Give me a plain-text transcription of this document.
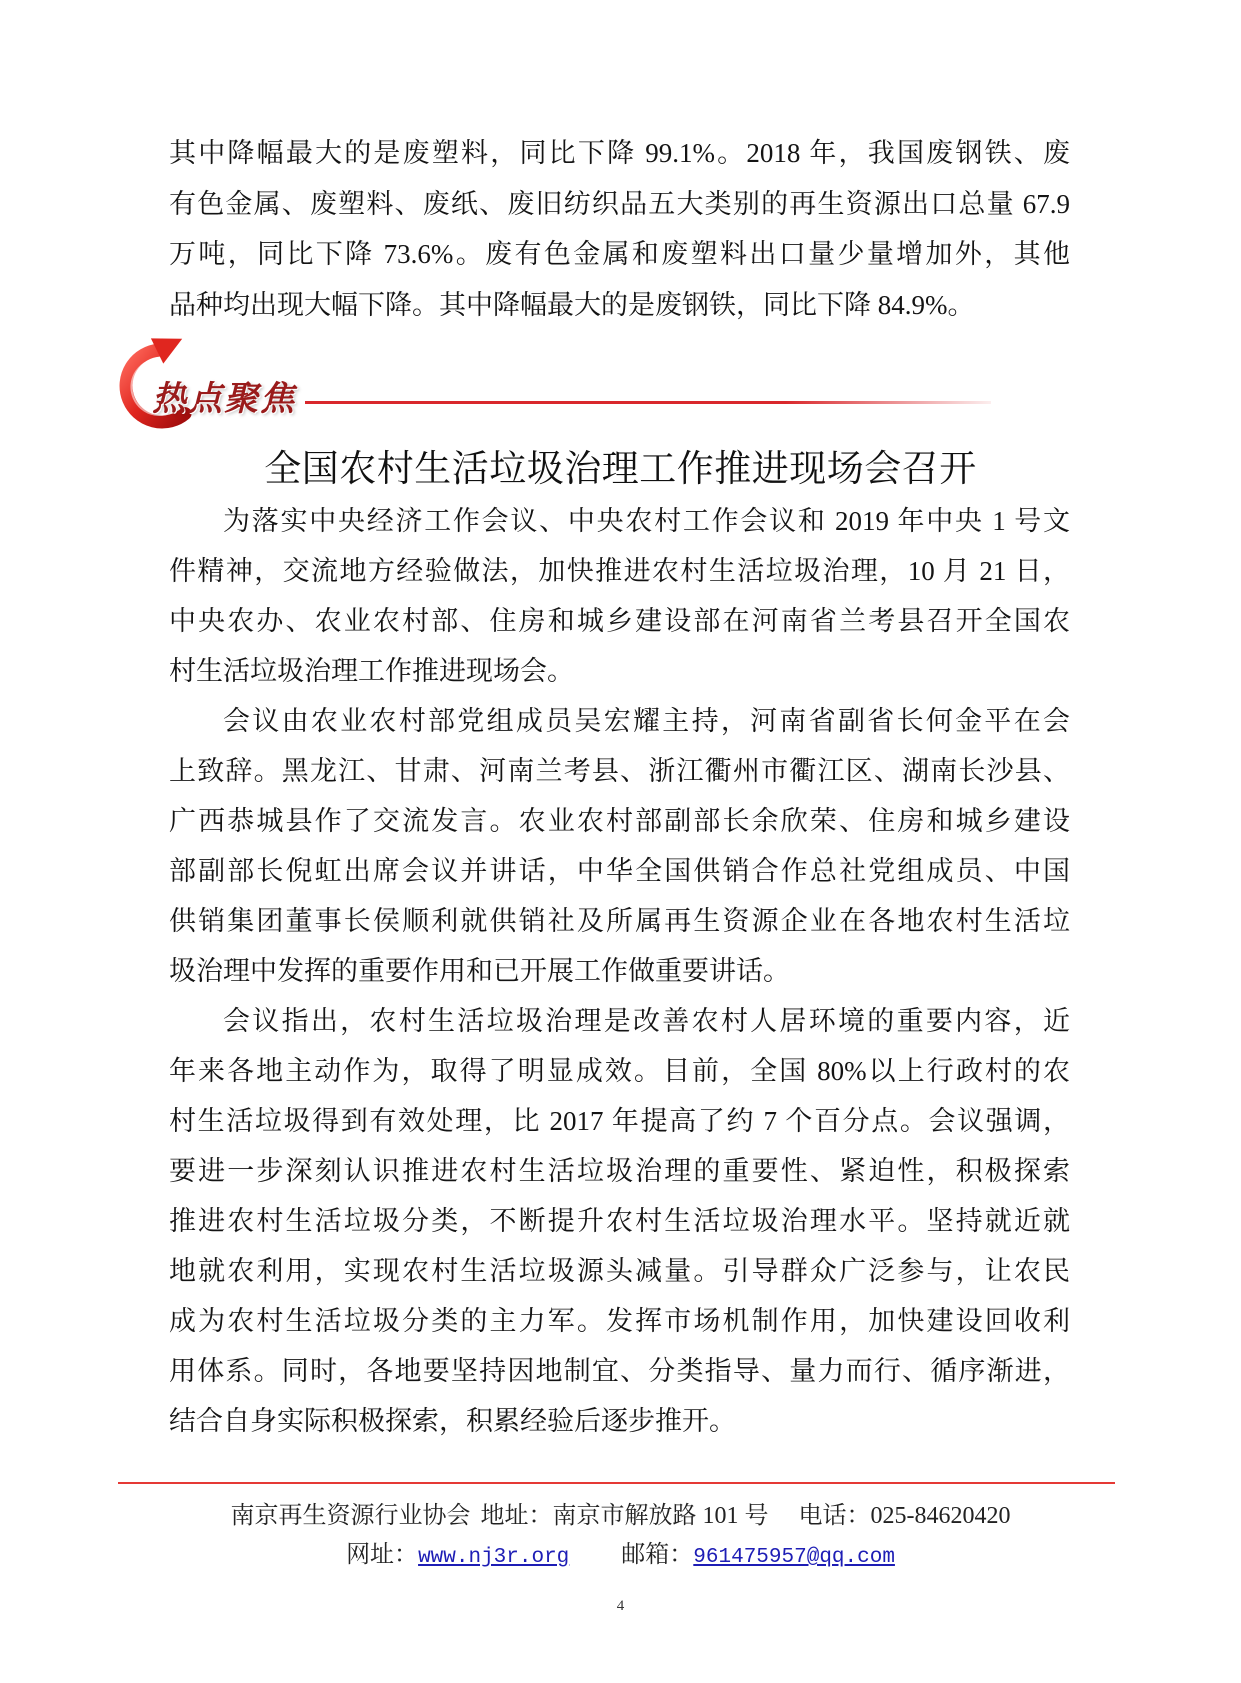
其中降幅最大的是废塑料，同比下降 99.1%。2018 年，我国废钢铁、废
有色金属、废塑料、废纸、废旧纺织品五大类别的再生资源出口总量 67.9
万吨，同比下降 73.6%。废有色金属和废塑料出口量少量增加外，其他
品种均出现大幅下降。其中降幅最大的是废钢铁，同比下降 84.9%。
热点聚焦
全国农村生活垃圾治理工作推进现场会召开
为落实中央经济工作会议、中央农村工作会议和 2019 年中央 1 号文
件精神，交流地方经验做法，加快推进农村生活垃圾治理，10 月 21 日，
中央农办、农业农村部、住房和城乡建设部在河南省兰考县召开全国农
村生活垃圾治理工作推进现场会。
会议由农业农村部党组成员吴宏耀主持，河南省副省长何金平在会
上致辞。黑龙江、甘肃、河南兰考县、浙江衢州市衢江区、湖南长沙县、
广西恭城县作了交流发言。农业农村部副部长余欣荣、住房和城乡建设
部副部长倪虹出席会议并讲话，中华全国供销合作总社党组成员、中国
供销集团董事长侯顺利就供销社及所属再生资源企业在各地农村生活垃
圾治理中发挥的重要作用和已开展工作做重要讲话。
会议指出，农村生活垃圾治理是改善农村人居环境的重要内容，近
年来各地主动作为，取得了明显成效。目前，全国 80%以上行政村的农
村生活垃圾得到有效处理，比 2017 年提高了约 7 个百分点。会议强调，
要进一步深刻认识推进农村生活垃圾治理的重要性、紧迫性，积极探索
推进农村生活垃圾分类，不断提升农村生活垃圾治理水平。坚持就近就
地就农利用，实现农村生活垃圾源头减量。引导群众广泛参与，让农民
成为农村生活垃圾分类的主力军。发挥市场机制作用，加快建设回收利
用体系。同时，各地要坚持因地制宜、分类指导、量力而行、循序渐进，
结合自身实际积极探索，积累经验后逐步推开。
南京再生资源行业协会 地址：南京市解放路 101 号 电话：025-84620420
网址：www.nj3r.org 邮箱：961475957@qq.com
4
